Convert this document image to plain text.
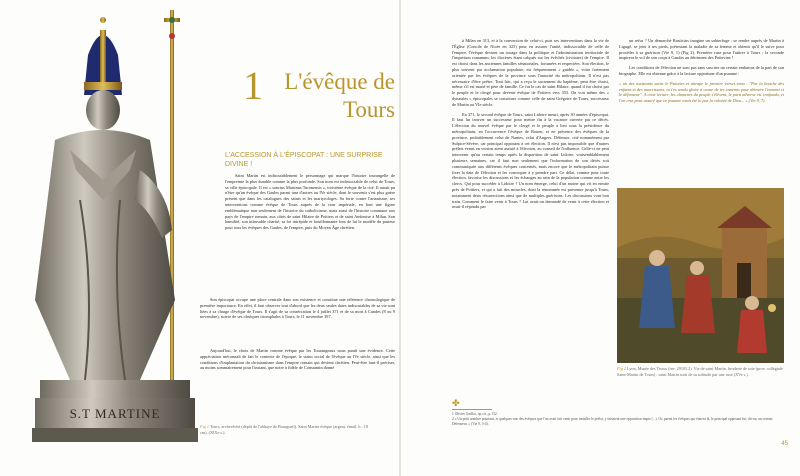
S.T MARTINE
1 L'évêque de Tours
L'ACCESSION À L'ÉPISCOPAT : UNE SURPRISE DIVINE !

Saint Martin est indiscutablement le personnage qui marque l'histoire tourangelle de l'empreinte la plus durable comme la plus profonde. Son nom est indissociable de celui de Tours, sa ville épiscopale. Il est « sanctus Martinus Turonensis », troisième évêque de la cité. Il aurait pu n'être qu'un évêque des Gaules parmi tant d'autres au IVe siècle, dont le souvenir s'est plus guère présent que dans les catalogues des saints et les martyrologes. Sa forte contre l'arianisme, ses interventions comme évêque de Tours auprès de la cour impériale, en font une figure emblématique non seulement de l'histoire du catholicisme, mais aussi de l'histoire commune aux pays de l'empire romain, aux côtés de saint Hilaire de Poitiers et de saint Ambroise à Milan. Son humilité, son inlassable charité, sa foi intrépide et bouillonnante font de lui le modèle du pasteur pour tous les évêques des Gaules, de l'empire, puis du Moyen Âge chrétien.

Son épiscopat occupe une place centrale dans son existence et constitue une référence chronologique de première importance. En effet, il faut observer tout d'abord que les deux seules dates indiscutables de sa vie sont liées à sa charge d'évêque de Tours. Il s'agit de sa consécration le 4 juillet 371 et de sa mort à Candes (8 ou 9 novembre), suivie de ses obsèques triomphales à Tours, le 11 novembre 397.

Aujourd'hui, le choix de Martin comme évêque par les Tourangeaux nous paraît une évidence. Cette appréciation méconnaît de fait le contexte de l'époque, le statut social de l'évêque au IVe siècle, ainsi que les conditions d'implantation du christianisme dans l'empire romain qui devient chrétien. Peut-être faut-il préciser, au moins sommairement pour l'instant, que notre à fidèle de Constantin donné

Fig 1 Tours, archevêché (dépôt de l'abbaye de Bourgueil). Saint Martin évêque (argent, émail, h : 18 cm), (XIXe s.).

à Milan en 313, et à la conversion de celui-ci, puis ses interventions dans la vie de l'Église (Concile de Nicée en 325) pour en assurer l'unité, indissociable de celle de l'empire, l'évêque devient un rouage dans la politique et l'administration territoriale de l'imperium romanum, les diocèses étant calqués sur les évêchés (civitates) de l'empire. Il est choisi dans les anciennes familles sénatoriales, fortunées et respectées. Son élection, le plus souvent par acclamation populaire, est fréquemment « guidée », voire fortement orientée par les évêques de la province sous l'autorité du métropolitain. Il n'est pas nécessaire d'être prêtre. Tout laïc, qui a reçu le sacrement du baptême, peut être choisi, même s'il est marié et père de famille. Ce fut le cas de saint Hilaire, quand il fut choisi par le peuple et le clergé pour devenir évêque de Poitiers vers 353. On voit même des « dynasties » épiscopales se constituer comme celle de saint Grégoire de Tours, successeur de Martin au VIe siècle.

En 371, le second évêque de Tours, saint Lidoire meurt, après 30 années d'épiscopat. Il faut lui trouver un successeur pour mettre fin à la vacance ouverte par ce décès. L'élection du nouvel évêque par le clergé et le peuple a lieu sous la présidence du métropolitain, en l'occurrence l'évêque de Rouen, et en présence des évêques de la province, probablement celui de Nantes, celui d'Angers. Défensor, cité nommément par Sulpice-Sévère, car principal opposant à cet élection. Il n'est pas impossible que d'autres prélats venus en voisins aient assisté à l'élection, au conseil de l'influence. Celle-ci ne peut intervenir qu'au certain temps après la disparition de saint Lidoire, vraisemblablement plusieurs semaines, car il faut non seulement que l'information de son décès soit communiquée aux différents évêques concernés, mais encore que le métropolitain puisse fixer la date de l'élection et les convoquer à y prendre part. Ce délai, comme pour toute élection, favorise les discussions et les échanges au sein de la population comme entre les clercs. Qui pour succéder à Lidoire ? Un nom émerge, celui d'un moine qui vit en ermite près de Poitiers, et qui a fait des miracles, dont la renommée est parvenue jusqu'à Tours, notamment deux résurrections ainsi que de multiples guérisons. Les discussions vont bon train. Comment le faire venir à Tours ? Lui avait-on demandé de venir à cette élection et avait-il répondu par

un refus ? Un démarché Rusticius imagine un subterfuge : se rendre auprès de Martin à Ligugé, se jeter à ses pieds, prétextant la maladie de sa femme et obtenir qu'il le suive pour procéder à sa guérison (Vie 9, 1) (Fig 2). Première ruse pour l'attirer à Tours ; la seconde inspirera le vol de son corps à Candes au détriment des Poitevins !

Les conditions de l'élection ne sont pas sans susciter un certain embarras de la part de son biographe. Elle est obtenue grâce à la lecture opportune d'un psaume :

« un des assistants saisit le Psautier et attrape le premier verset venu : "Par la bouche des enfants et des nourrissons, tu t'es rendu gloire à cause de tes ennemis pour détruire l'ennemi et le défenseur". A cette lecture, les clameurs du peuple s'élèvent, le parti adverse est confondu, et l'on crut pour assuré que ce psaume avait été lu par la volonté de Dieu... » (Vie 9, 7).

Fig 2 Lyon, Musée des Tissus (inv. 29103.2). Vie de saint Martin, broderie de soie (prov. collégiale Saint-Martin de Tours) : saint Martin sorti de sa solitude par une ruse (XVe s.).
✤
1 Olivier Guillot, op.cit., p.132.
2 « Un petit nombre pourtant, et quelques-uns des évêques que l'on avait fait venir pour installer le prélat, y faisaient une opposition impie (...). Or, parmi les évêques qui étaient là, le principal opposant fut, dit-on, un certain Défenseur. » (Vie 9, 3-4).
45
